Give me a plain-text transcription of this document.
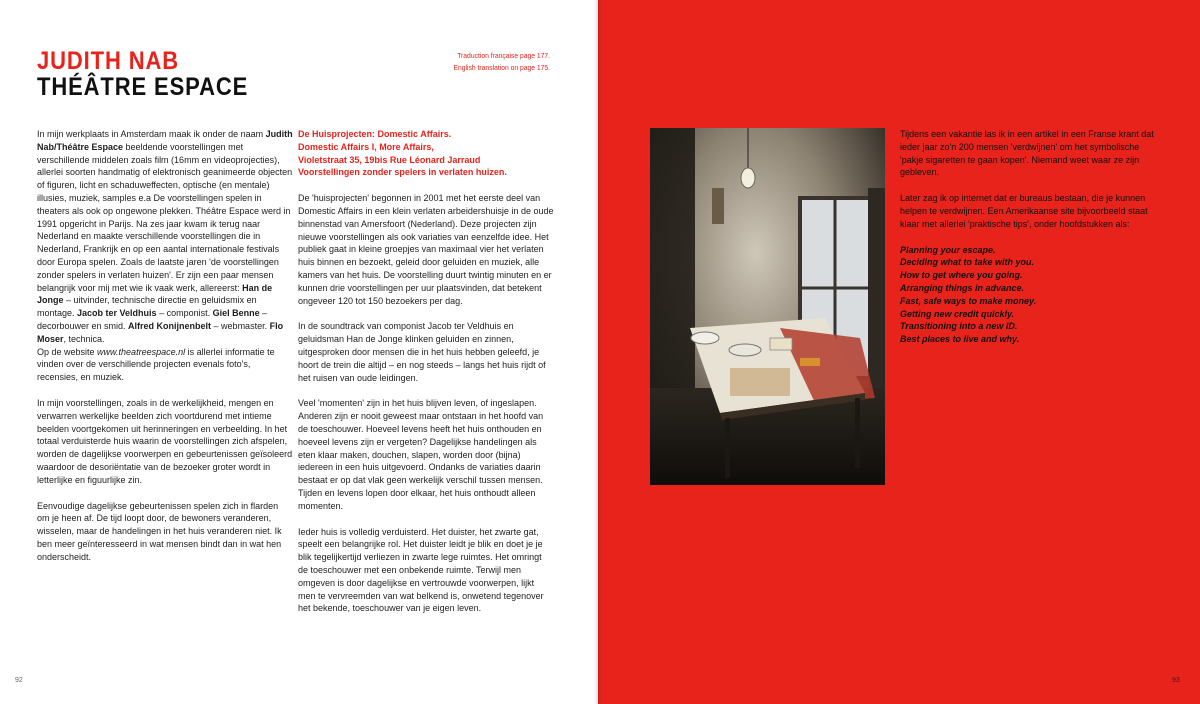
JUDITH NAB
THÉÂTRE ESPACE
Traduction française page 177.
English translation on page 175.

In mijn werkplaats in Amsterdam maak ik onder de naam Judith Nab/Théâtre Espace beeldende voorstellingen met verschillende middelen zoals film (16mm en videoprojecties), allerlei soorten handmatig of elektronisch geanimeerde objecten of figuren, licht en schaduweffecten, optische (en mentale) illusies, muziek, samples e.a De voorstellingen spelen in theaters als ook op ongewone plekken. Théâtre Espace werd in 1991 opgericht in Parijs. Na zes jaar kwam ik terug naar Nederland en maakte verschillende voorstellingen die in Nederland, Frankrijk en op een aantal internationale festivals door Europa spelen. Zoals de laatste jaren 'de voorstellingen zonder spelers in verlaten huizen'. Er zijn een paar mensen belangrijk voor mij met wie ik vaak werk, allereerst: Han de Jonge – uitvinder, technische directie en geluidsmix en montage. Jacob ter Veldhuis – componist. Giel Benne – decorbouwer en smid. Alfred Konijnenbelt – webmaster. Flo Moser, technica.
Op de website www.theatreespace.nl is allerlei informatie te vinden over de verschillende projecten evenals foto's, recensies, en muziek.

In mijn voorstellingen, zoals in de werkelijkheid, mengen en verwarren werkelijke beelden zich voortdurend met intieme beelden voortgekomen uit herinneringen en verbeelding. In het totaal verduisterde huis waarin de voorstellingen zich afspelen, worden de dagelijkse voorwerpen en gebeurtenissen geïsoleerd waardoor de desoriëntatie van de bezoeker groter wordt in letterlijke en figuurlijke zin.

Eenvoudige dagelijkse gebeurtenissen spelen zich in flarden om je heen af. De tijd loopt door, de bewoners veranderen, wisselen, maar de handelingen in het huis veranderen niet. Ik ben meer geïnteresseerd in wat mensen bindt dan in wat hen onderscheidt.

De Huisprojecten: Domestic Affairs.
Domestic Affairs I, More Affairs,
Violetstraat 35, 19bis Rue Léonard Jarraud
Voorstellingen zonder spelers in verlaten huizen.

De 'huisprojecten' begonnen in 2001 met het eerste deel van Domestic Affairs in een klein verlaten arbeidershuisje in de oude binnenstad van Amersfoort (Nederland). Deze projecten zijn nieuwe voorstellingen als ook variaties van eenzelfde idee. Het publiek gaat in kleine groepjes van maximaal vier het verlaten huis binnen en bezoekt, geleid door geluiden en muziek, alle kamers van het huis. De voorstelling duurt twintig minuten en er kunnen drie voorstellingen per uur plaatsvinden, dat betekent ongeveer 120 tot 150 bezoekers per dag.

In de soundtrack van componist Jacob ter Veldhuis en geluidsman Han de Jonge klinken geluiden en zinnen, uitgesproken door mensen die in het huis hebben geleefd, je hoort de trein die altijd – en nog steeds – langs het huis rijdt of het ruisen van oude leidingen.

Veel 'momenten' zijn in het huis blijven leven, of ingeslapen. Anderen zijn er nooit geweest maar ontstaan in het hoofd van de toeschouwer. Hoeveel levens heeft het huis onthouden en hoeveel levens zijn er vergeten? Dagelijkse handelingen als eten klaar maken, douchen, slapen, worden door (bijna) iedereen in een huis uitgevoerd. Ondanks de variaties daarin bestaat er op dat vlak geen werkelijk verschil tussen mensen. Tijden en levens lopen door elkaar, het huis onthoudt alleen momenten.

Ieder huis is volledig verduisterd. Het duister, het zwarte gat, speelt een belangrijke rol. Het duister leidt je blik en doet je je blik tegelijkertijd verliezen in zwarte lege ruimtes. Het omringt de toeschouwer met een onbekende ruimte. Terwijl men omgeven is door dagelijkse en vertrouwde voorwerpen, lijkt men te vervreemden van wat belkend is, onwetend tegenover het bekende, toeschouwer van je eigen leven.

Tijdens een vakantie las ik in een artikel in een Franse krant dat ieder jaar zo'n 200 mensen 'verdwijnen' om het symbolische 'pakje sigaretten te gaan kopen'. Niemand weet waar ze zijn gebleven.

Later zag ik op internet dat er bureaus bestaan, die je kunnen helpen te verdwijnen. Een Amerikaanse site bijvoorbeeld staat klaar met allerlei 'praktische tips', onder hoofdstukken als:

Planning your escape.
Deciding what to take with you.
How to get where you going.
Arranging things in advance.
Fast, safe ways to make money.
Getting new credit quickly.
Transitioning into a new ID.
Best places to live and why.

92	93
